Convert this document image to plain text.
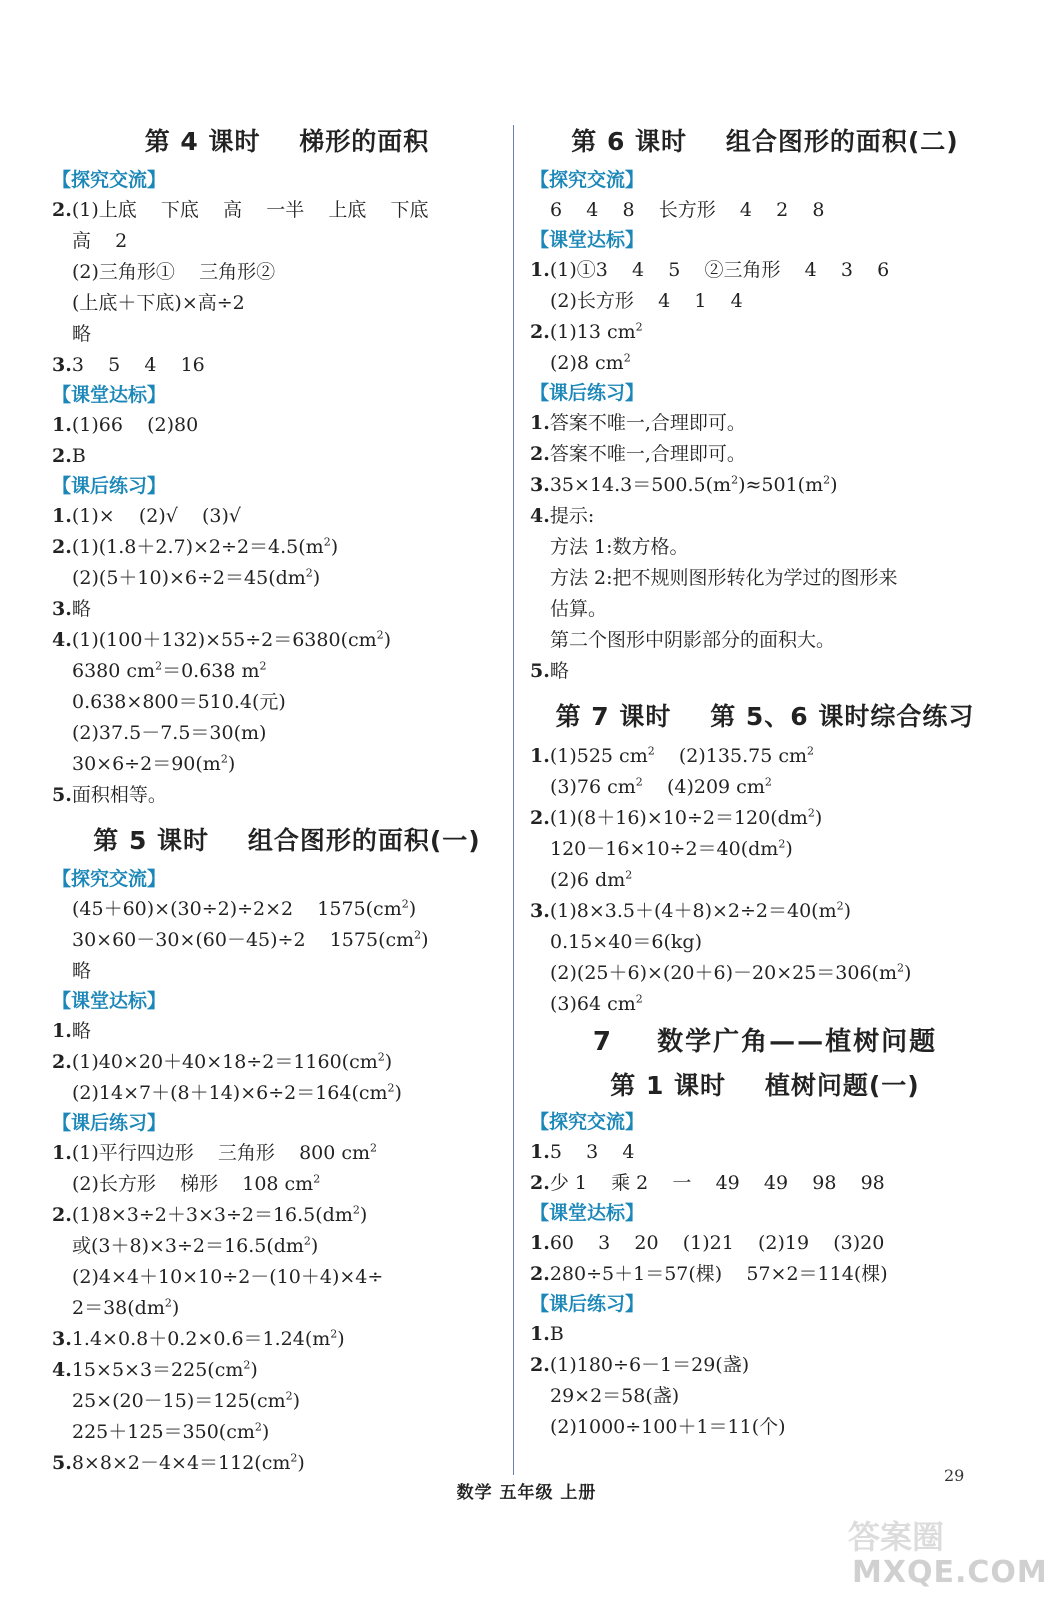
第 4 课时    梯形的面积
【探究交流】
2.(1)上底    下底    高    一半    上底    下底
高    2
(2)三角形①    三角形②
(上底＋下底)×高÷2
略
3.3    5    4    16
【课堂达标】
1.(1)66    (2)80
2.B
【课后练习】
1.(1)×    (2)√    (3)√
$2.(1)(1.8+2.7)\times 2\div 2=4.5(m^2)$
$(2)(5+10)\times 6\div 2=45(dm^2)$
3.略
$4.(1)(100+132)\times 55\div 2=6380(cm^2)$
6380 $cm^2=0.638$ $m^2$
0.638×800＝510.4(元)
(2)37.5－7.5＝30(m)
$30\times 6\div 2=90(m^2)$
5.面积相等。
第 5 课时    组合图形的面积(一)
【探究交流】
(45＋60)×(30÷2)÷2×2    $1575(cm^2)$
30×60－30×(60－45)÷2    $1575(cm^2)$
略
【课堂达标】
1.略
$2.(1)40\times 20+40\times 18\div 2=1160(cm^2)$
$(2)14\times 7+(8+14)\times 6\div 2=164(cm^2)$
【课后练习】
1.(1)平行四边形    三角形    800 $cm^2$
(2)长方形    梯形    108 $cm^2$
$2.(1)8\times 3\div 2+3\times 3\div 2=16.5(dm^2)$
或$(3+8)\times 3\div 2=16.5(dm^2)$
(2)4×4＋10×10÷2－(10＋4)×4÷
$2=38(dm^2)$
$3.1.4\times 0.8+0.2\times 0.6=1.24(m^2)$
$4.15\times 5\times 3=225(cm^2)$
$25\times(20-15)=125(cm^2)$
$225+125=350(cm^2)$
$5.8\times 8\times 2-4\times 4=112(cm^2)$
第 6 课时    组合图形的面积(二)
【探究交流】
6    4    8    长方形    4    2    8
【课堂达标】
1.(1)①3    4    5    ②三角形    4    3    6
(2)长方形    4    1    4
2.(1)13 $cm^2$
(2)8 $cm^2$
【课后练习】
1.答案不唯一,合理即可。
2.答案不唯一,合理即可。
$3.35\times 14.3=500.5(m^2)\approx 501(m^2)$
4.提示:
方法 1:数方格。
方法 2:把不规则图形转化为学过的图形来
估算。
第二个图形中阴影部分的面积大。
5.略
第 7 课时    第 5、6 课时综合练习
1.(1)525 $cm^2$    (2)135.75 $cm^2$
(3)76 $cm^2$    (4)209 $cm^2$
$2.(1)(8+16)\times 10\div 2=120(dm^2)$
$120-16\times 10\div 2=40(dm^2)$
(2)6 $dm^2$
$3.(1)8\times 3.5+(4+8)\times 2\div 2=40(m^2)$
0.15×40＝6(kg)
$(2)(25+6)\times(20+6)-20\times 25=306(m^2)$
(3)64 $cm^2$
7    数学广角——植树问题
第 1 课时    植树问题(一)
【探究交流】
1.5    3    4
2.少 1    乘 2    一    49    49    98    98
【课堂达标】
1.60    3    20    (1)21    (2)19    (3)20
2.280÷5＋1＝57(棵)    57×2＝114(棵)
【课后练习】
1.B
2.(1)180÷6－1＝29(盏)
29×2＝58(盏)
(2)1000÷100＋1＝11(个)
数学 五年级 上册
29
答案圈
MXQE.COM
